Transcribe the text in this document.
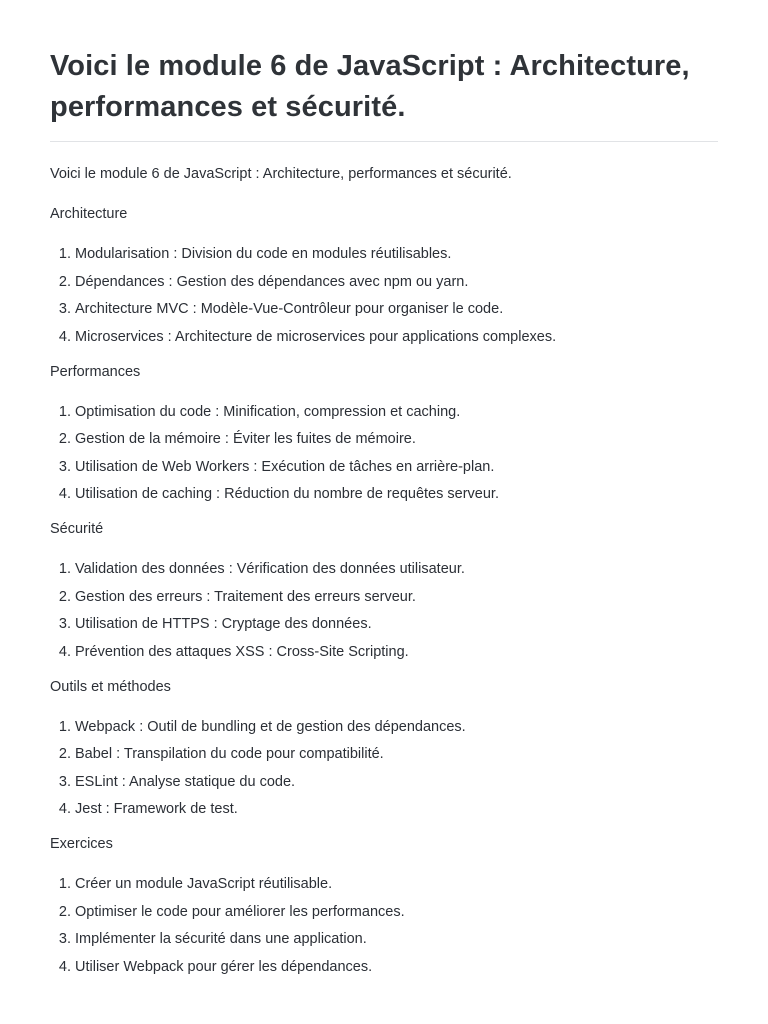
Voici le module 6 de JavaScript : Architecture, performances et sécurité.

Voici le module 6 de JavaScript : Architecture, performances et sécurité.

Architecture

1. Modularisation : Division du code en modules réutilisables.
2. Dépendances : Gestion des dépendances avec npm ou yarn.
3. Architecture MVC : Modèle-Vue-Contrôleur pour organiser le code.
4. Microservices : Architecture de microservices pour applications complexes.

Performances

1. Optimisation du code : Minification, compression et caching.
2. Gestion de la mémoire : Éviter les fuites de mémoire.
3. Utilisation de Web Workers : Exécution de tâches en arrière-plan.
4. Utilisation de caching : Réduction du nombre de requêtes serveur.

Sécurité

1. Validation des données : Vérification des données utilisateur.
2. Gestion des erreurs : Traitement des erreurs serveur.
3. Utilisation de HTTPS : Cryptage des données.
4. Prévention des attaques XSS : Cross-Site Scripting.

Outils et méthodes

1. Webpack : Outil de bundling et de gestion des dépendances.
2. Babel : Transpilation du code pour compatibilité.
3. ESLint : Analyse statique du code.
4. Jest : Framework de test.

Exercices

1. Créer un module JavaScript réutilisable.
2. Optimiser le code pour améliorer les performances.
3. Implémenter la sécurité dans une application.
4. Utiliser Webpack pour gérer les dépendances.
